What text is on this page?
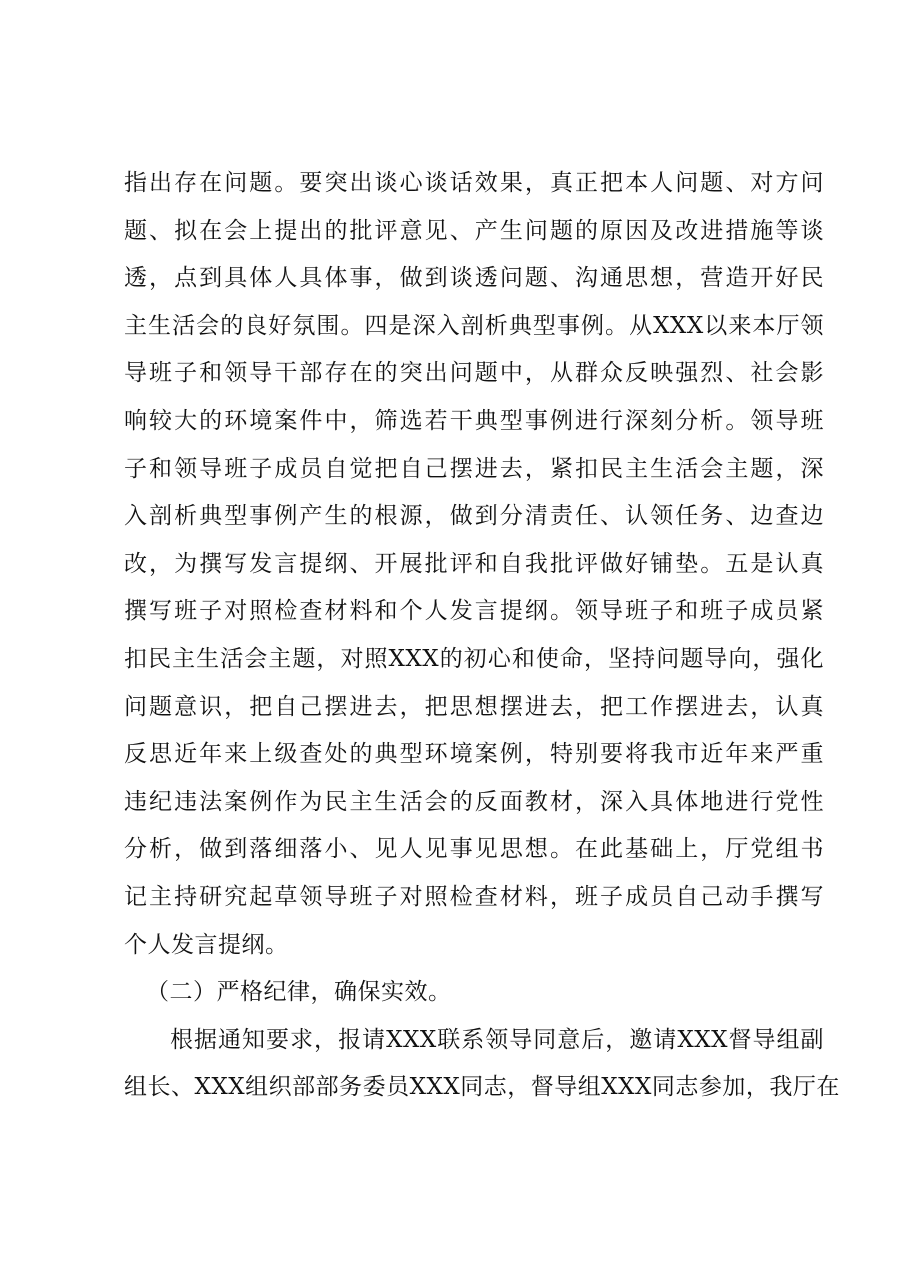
指出存在问题。要突出谈心谈话效果，真正把本人问题、对方问
题、拟在会上提出的批评意见、产生问题的原因及改进措施等谈
透，点到具体人具体事，做到谈透问题、沟通思想，营造开好民
主生活会的良好氛围。四是深入剖析典型事例。从XXX以来本厅领
导班子和领导干部存在的突出问题中，从群众反映强烈、社会影
响较大的环境案件中，筛选若干典型事例进行深刻分析。领导班
子和领导班子成员自觉把自己摆进去，紧扣民主生活会主题，深
入剖析典型事例产生的根源，做到分清责任、认领任务、边查边
改，为撰写发言提纲、开展批评和自我批评做好铺垫。五是认真
撰写班子对照检查材料和个人发言提纲。领导班子和班子成员紧
扣民主生活会主题，对照XXX的初心和使命，坚持问题导向，强化
问题意识，把自己摆进去，把思想摆进去，把工作摆进去，认真
反思近年来上级查处的典型环境案例，特别要将我市近年来严重
违纪违法案例作为民主生活会的反面教材，深入具体地进行党性
分析，做到落细落小、见人见事见思想。在此基础上，厅党组书
记主持研究起草领导班子对照检查材料，班子成员自己动手撰写
个人发言提纲。
（二）严格纪律，确保实效。
根据通知要求，报请XXX联系领导同意后，邀请XXX督导组副
组长、XXX组织部部务委员XXX同志，督导组XXX同志参加，我厅在
